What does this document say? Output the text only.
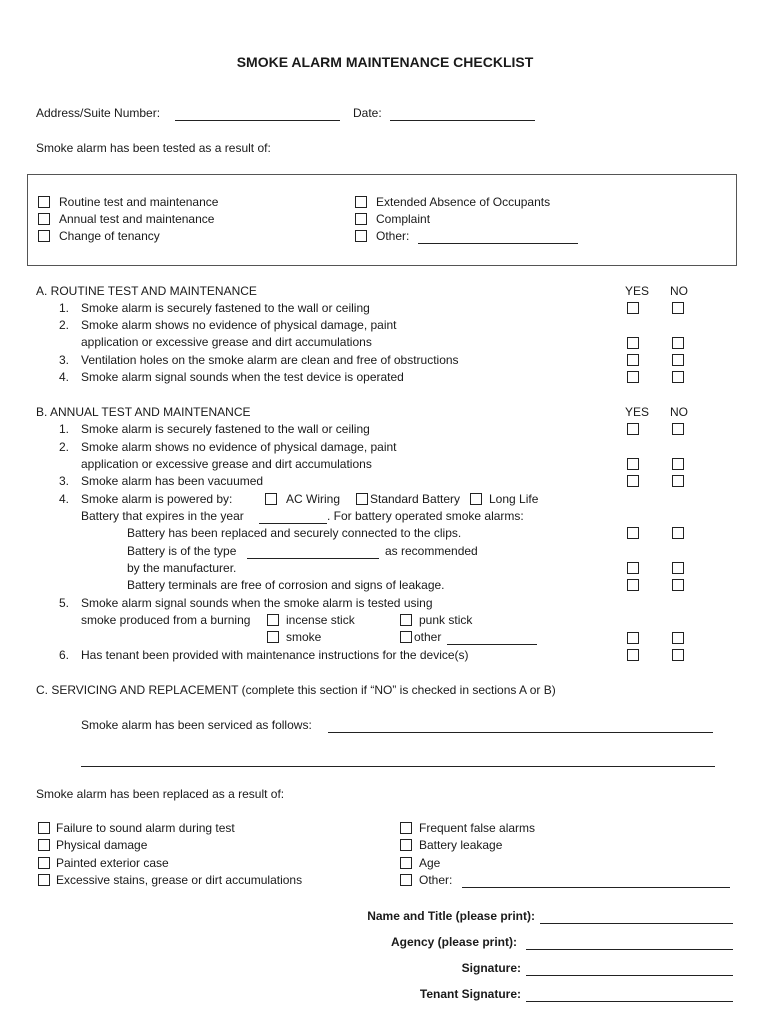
SMOKE ALARM MAINTENANCE CHECKLIST
Address/Suite Number:	Date:
Smoke alarm has been tested as a result of:
Routine test and maintenance
Annual test and maintenance
Change of tenancy
Extended Absence of Occupants
Complaint
Other:
A. ROUTINE TEST AND MAINTENANCE	YES NO
1. Smoke alarm is securely fastened to the wall or ceiling
2. Smoke alarm shows no evidence of physical damage, paint
application or excessive grease and dirt accumulations
3. Ventilation holes on the smoke alarm are clean and free of obstructions
4. Smoke alarm signal sounds when the test device is operated
B. ANNUAL TEST AND MAINTENANCE	YES NO
1. Smoke alarm is securely fastened to the wall or ceiling
2. Smoke alarm shows no evidence of physical damage, paint
application or excessive grease and dirt accumulations
3. Smoke alarm has been vacuumed
4. Smoke alarm is powered by:	AC Wiring Standard Battery Long Life
Battery that expires in the year	. For battery operated smoke alarms:
Battery has been replaced and securely connected to the clips.
Battery is of the type	as recommended
by the manufacturer.
Battery terminals are free of corrosion and signs of leakage.
5. Smoke alarm signal sounds when the smoke alarm is tested using
smoke produced from a burning	incense stick	punk stick
smoke	other
6. Has tenant been provided with maintenance instructions for the device(s)
C. SERVICING AND REPLACEMENT (complete this section if “NO” is checked in sections A or B)
Smoke alarm has been serviced as follows:
Smoke alarm has been replaced as a result of:
Failure to sound alarm during test
Physical damage
Painted exterior case
Excessive stains, grease or dirt accumulations
Frequent false alarms
Battery leakage
Age
Other:
Name and Title (please print):
Agency (please print):
Signature:
Tenant Signature:
